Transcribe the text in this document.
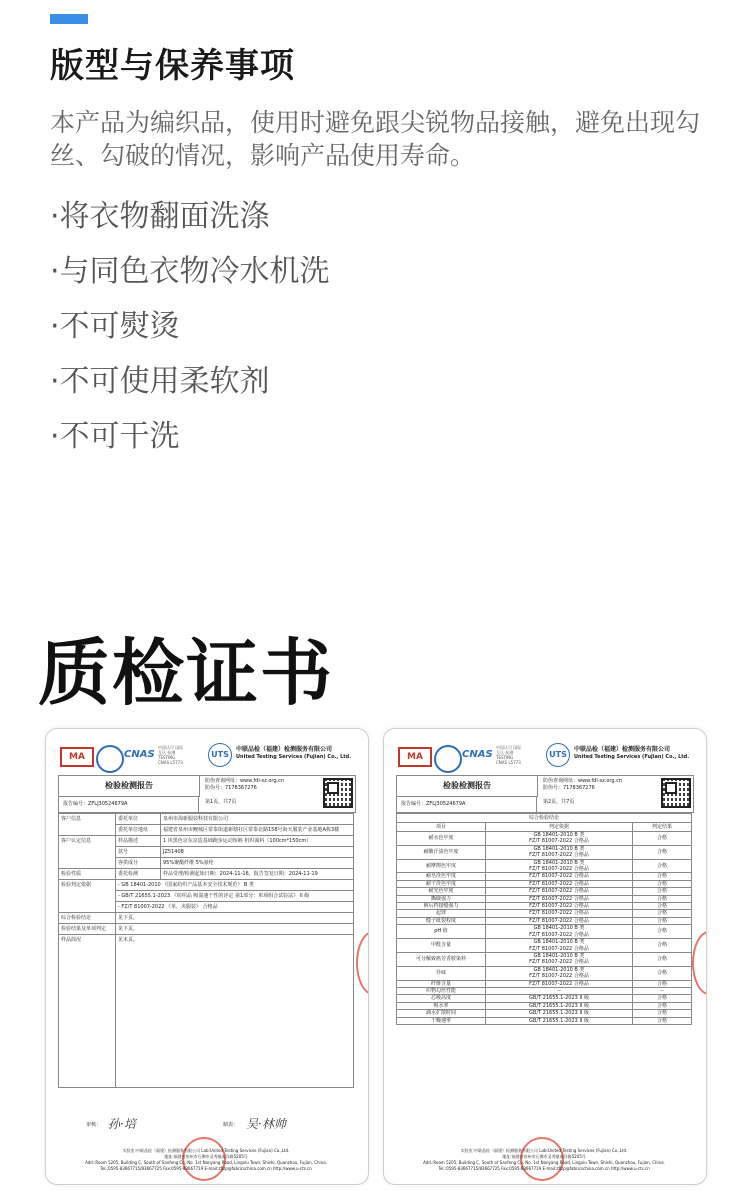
版型与保养事项
本产品为编织品，使用时避免跟尖锐物品接触，避免出现勾丝、勾破的情况，影响产品使用寿命。
·将衣物翻面洗涤
·与同色衣物冷水机洗
·不可熨烫
·不可使用柔软剂
·不可干洗
质检证书
MA	CNAS
中国认可 国际互认 检测 TESTING CNAS L5773
UTS
中联品检（福建）检测服务有限公司
United Testing Services (Fujian) Co., Ltd.
检验检测报告
报告编号：ZFLJ30524679A
防伪查询网址：www.fdl-sz.org.cn
防伪号：7178367276
第1页，共7页
客户信息	委托单位	泉州市海新服装科技有限公司
	委托单位地址	福建省泉州市鲤城区常泰街道新塘社区常泰北路158号海天服装产业基地A栋3楼
客户认定信息	样品描述	1 块黑色京东京造基础跑步运动短裤 机织面料（100cm*150cm）
	款号	JZ51408
	客供成分	95%聚酯纤维 5%氨纶
检验性质	委托检测	样品受理/检测起始日期：2024-11-16，报告签发日期：2024-11-19
检验判定依据	- GB 18401-2010 《国家纺织产品基本安全技术规范》 B 类	
	- GB/T 21655.1-2023 《纺织品 吸湿速干性的评定 第1部分：单项组合试验法》 II 级	
	- FZ/T 81007-2022 《单、夹服装》 合格品	
综合检验结论	见下页。	
检验结果及单项判定	见下页。	
样品简况	见末页。	
审核： 孙·培	制表： 吴·林帅
实验室:中联品检（福建）检测服务有限公司 Lab:United Testing Services (Fujian) Co.,Ltd.
地址:福建省泉州市石狮市灵秀镇南洋路5205号
Add.:Room 5205, Building C, South of Sanfeng Co, No. 1st Nanyang Road, Lingxiu Town, Shishi, Quanzhou, Fujian, China.
Tel.:0595-83667715/83667725 Fax:0595-83667719 E-mail:zfjzp@fabricschina.com.cn http://www.u-cts.cn
MA	CNAS
中国认可 国际互认 检测 TESTING CNAS L5773
UTS
中联品检（福建）检测服务有限公司
United Testing Services (Fujian) Co., Ltd.
检验检测报告
报告编号：ZFLJ30524679A
防伪查询网址：www.fdl-sz.org.cn
防伪号：7178367276
第2页，共7页
综合检验结论		
项目	判定依据	判定结果
耐水色牢度	GB 18401-2010 B 类
FZ/T 81007-2022 合格品	合格
耐酸汗渍色牢度	GB 18401-2010 B 类
FZ/T 81007-2022 合格品	合格
耐摩擦色牢度	GB 18401-2010 B 类
FZ/T 81007-2022 合格品	合格
耐皂洗色牢度	FZ/T 81007-2022 合格品	合格
耐干洗色牢度	FZ/T 81007-2022 合格品	合格
耐光色牢度	FZ/T 81007-2022 合格品	合格
撕破强力	FZ/T 81007-2022 合格品	合格
裤后档接缝强力	FZ/T 81007-2022 合格品	合格
起球	FZ/T 81007-2022 合格品	合格
缝子纰裂程度	FZ/T 81007-2022 合格品	合格
pH 值	GB 18401-2010 B 类
FZ/T 81007-2022 合格品	合格
甲醛含量	GB 18401-2010 B 类
FZ/T 81007-2022 合格品	合格
可分解致癌芳香胺染料	GB 18401-2010 B 类
FZ/T 81007-2022 合格品	合格
异味	GB 18401-2010 B 类
FZ/T 81007-2022 合格品	合格
纤维含量	FZ/T 81007-2022 合格品	合格
织物勾丝性能	--	--
芯吸高度	GB/T 21655.1-2023 II 级	合格
吸水率	GB/T 21655.1-2023 II 级	合格
滴水扩散时间	GB/T 21655.1-2023 II 级	合格
干燥速率	GB/T 21655.1-2023 II 级	合格
实验室:中联品检（福建）检测服务有限公司 Lab:United Testing Services (Fujian) Co.,Ltd.
地址:福建省泉州市石狮市灵秀镇南洋路5205号
Add.:Room 5205, Building C, South of Sanfeng Co, No. 1st Nanyang Road, Lingxiu Town, Shishi, Quanzhou, Fujian, China.
Tel.:0595-83667715/83667725 Fax:0595-83667719 E-mail:zfjzp@fabricschina.com.cn http://www.u-cts.cn
